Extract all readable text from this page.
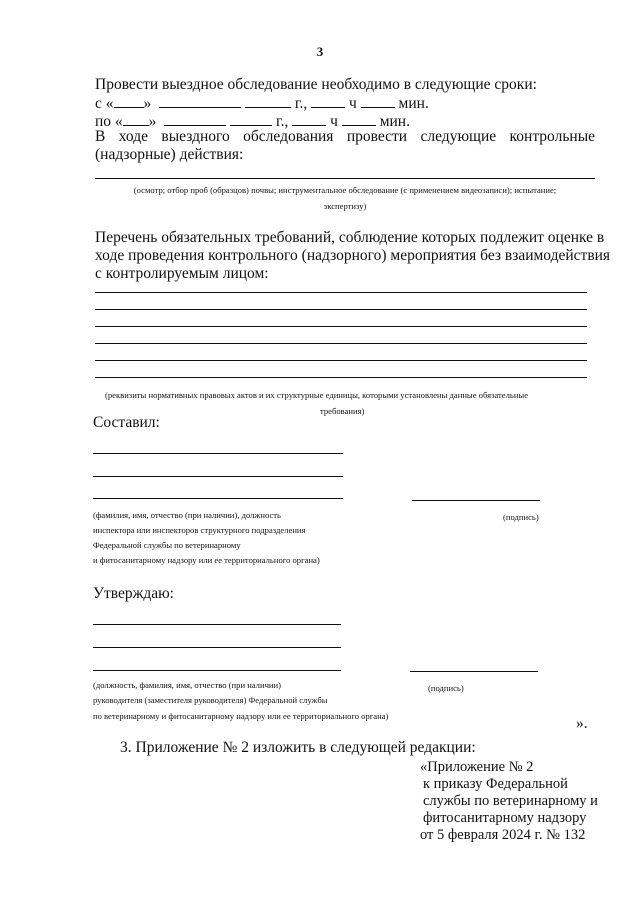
3
Провести выездное обследование необходимо в следующие сроки:
с « »	г.,	ч	мин.
по « »	г.,	ч	мин.
В ходе выездного обследования провести следующие контрольные
(надзорные) действия:
(осмотр; отбор проб (образцов) почвы; инструментальное обследование (с применением видеозаписи); испытание;
экспертизу)
Перечень обязательных требований, соблюдение которых подлежит оценке в
ходе проведения контрольного (надзорного) мероприятия без взаимодействия
с контролируемым лицом:
(реквизиты нормативных правовых актов и их структурные единицы, которыми установлены данные обязательные
требования)
Составил:
(фамилия, имя, отчество (при наличии), должность
инспектора или инспекторов структурного подразделения
Федеральной службы по ветеринарному
и фитосанитарному надзору или ее территориального органа)
(подпись)
Утверждаю:
(должность, фамилия, имя, отчество (при наличии)
руководителя (заместителя руководителя) Федеральной службы
по ветеринарному и фитосанитарному надзору или ее территориального органа)
(подпись)
».
3. Приложение № 2 изложить в следующей редакции:
«Приложение № 2
к приказу Федеральной
службы по ветеринарному и
фитосанитарному надзору
от 5 февраля 2024 г. № 132
